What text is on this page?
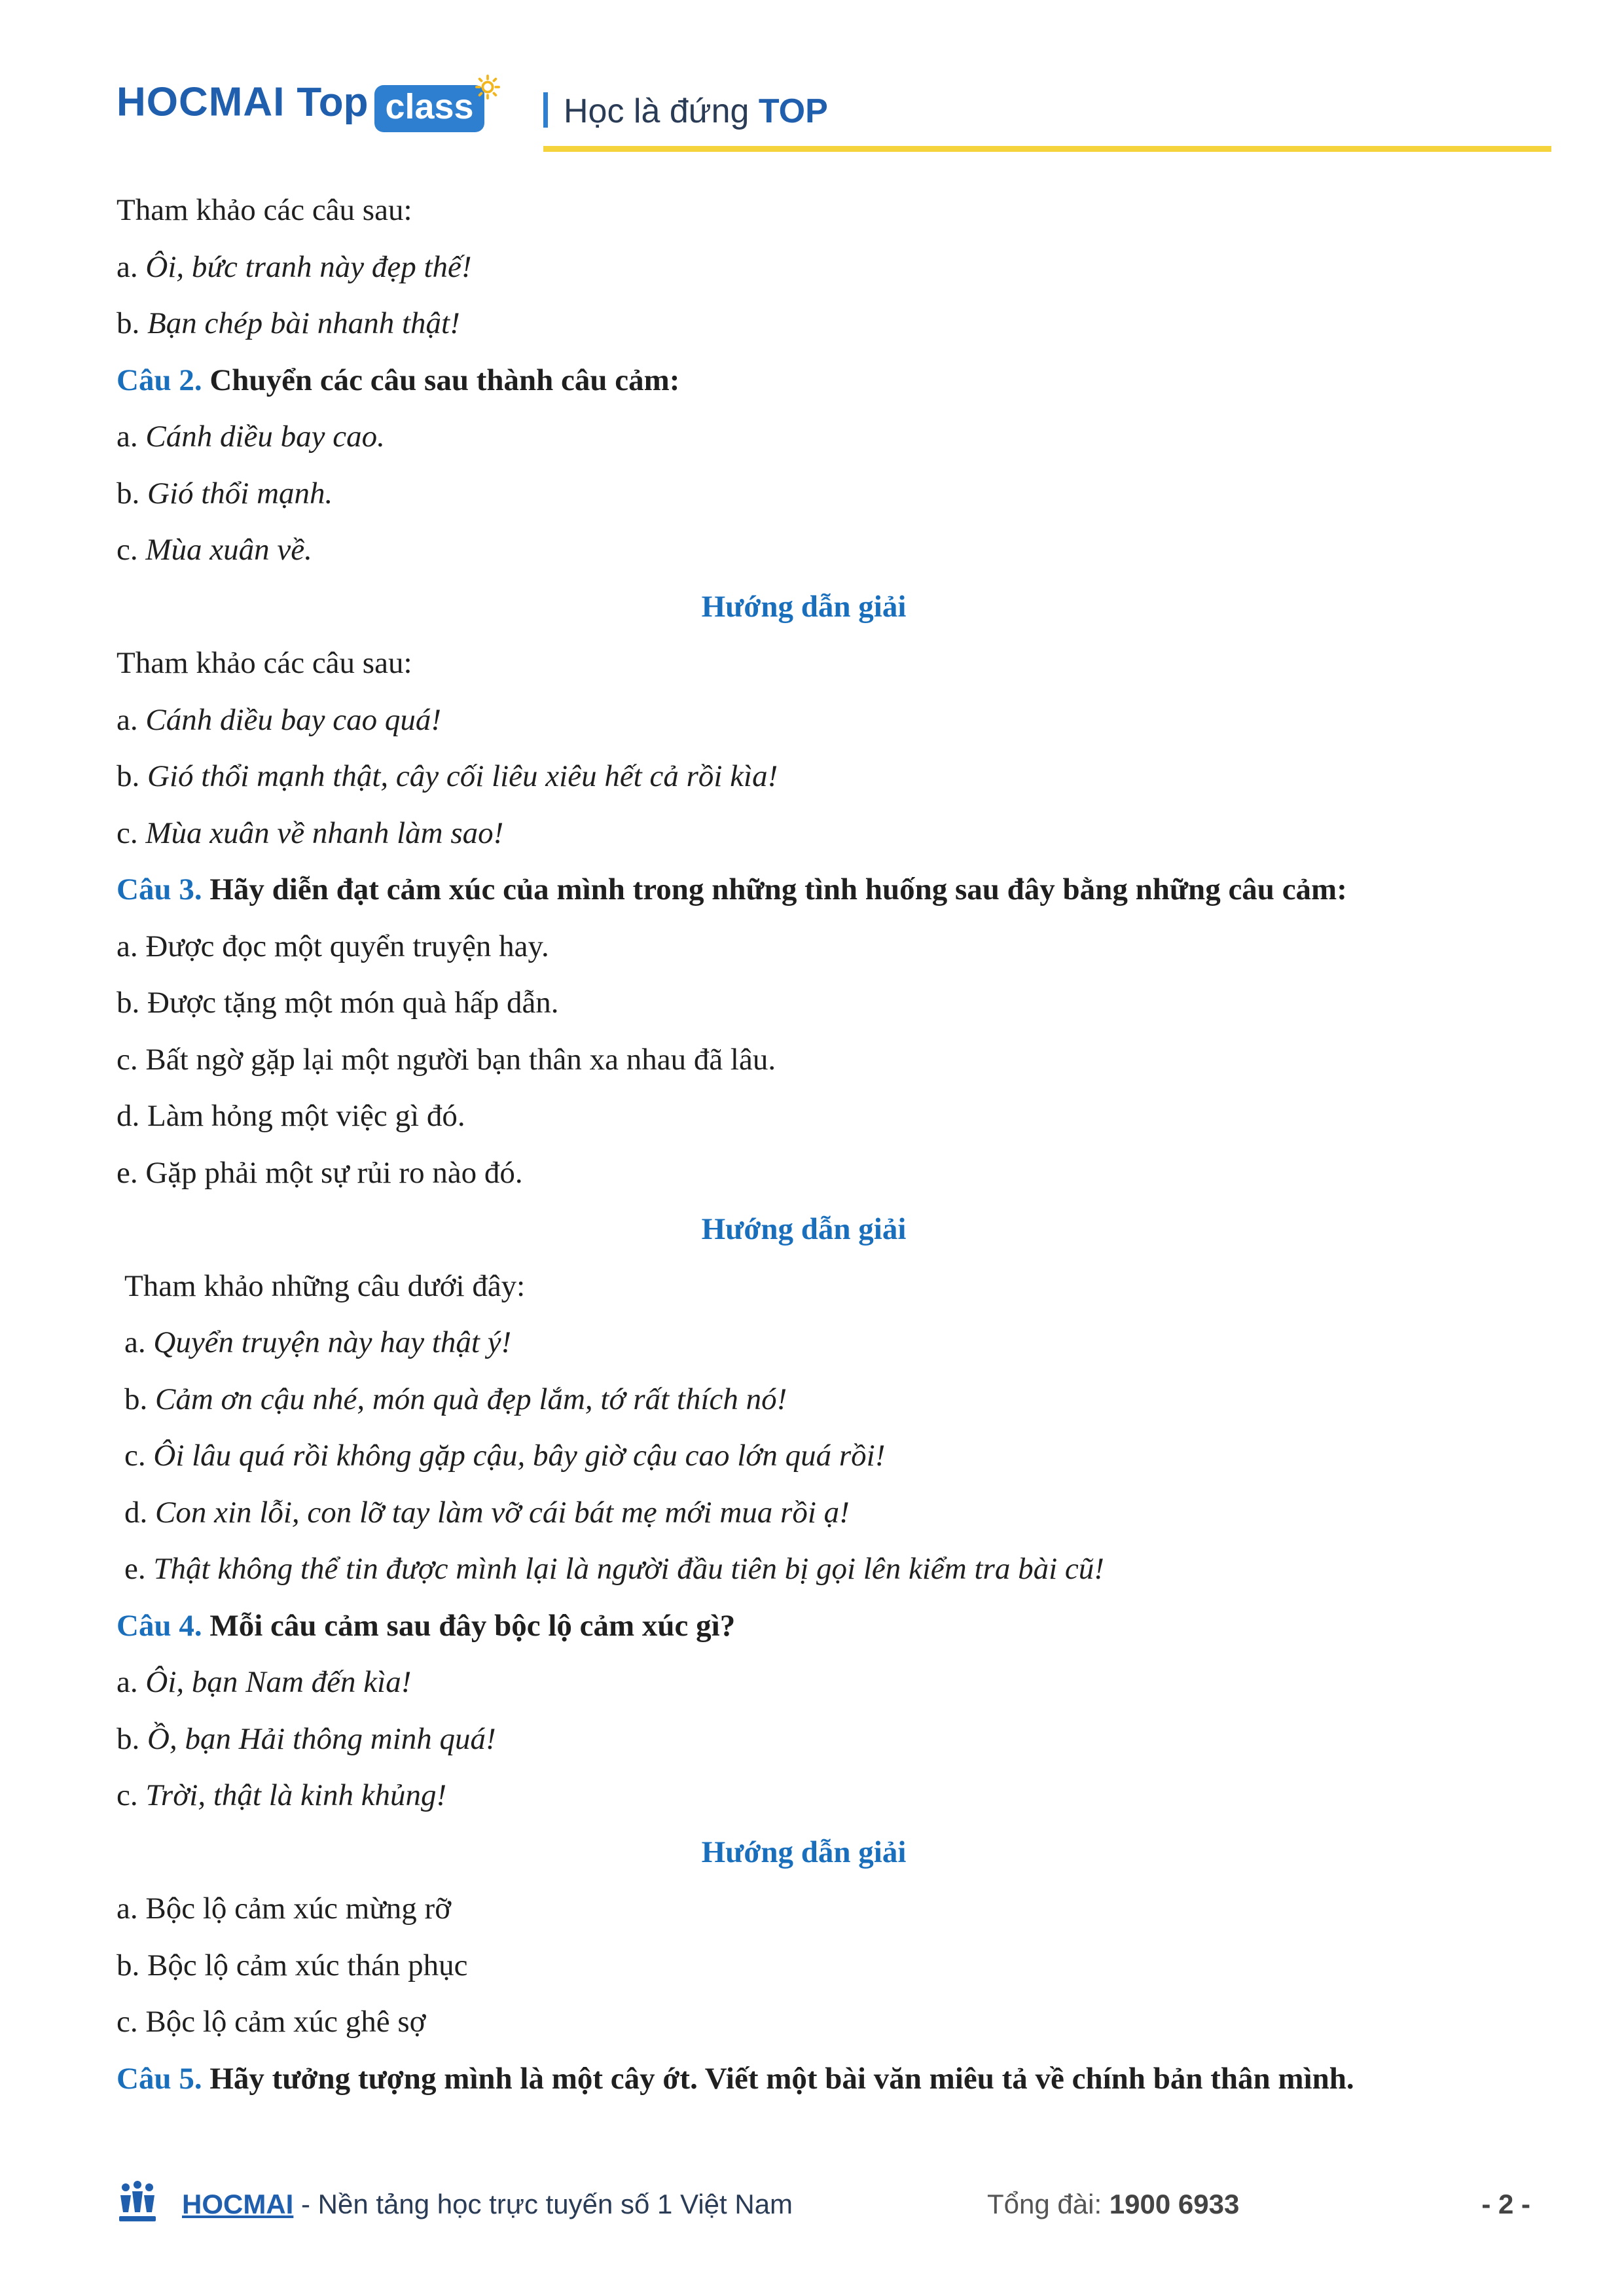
HOCMAI Top class	Học là đứng TOP
Tham khảo các câu sau:
a. Ôi, bức tranh này đẹp thế!
b. Bạn chép bài nhanh thật!
Câu 2. Chuyển các câu sau thành câu cảm:
a. Cánh diều bay cao.
b. Gió thổi mạnh.
c. Mùa xuân về.
Hướng dẫn giải
Tham khảo các câu sau:
a. Cánh diều bay cao quá!
b. Gió thổi mạnh thật, cây cối liêu xiêu hết cả rồi kìa!
c. Mùa xuân về nhanh làm sao!
Câu 3. Hãy diễn đạt cảm xúc của mình trong những tình huống sau đây bằng những câu cảm:
a. Được đọc một quyển truyện hay.
b. Được tặng một món quà hấp dẫn.
c. Bất ngờ gặp lại một người bạn thân xa nhau đã lâu.
d. Làm hỏng một việc gì đó.
e. Gặp phải một sự rủi ro nào đó.
Hướng dẫn giải
Tham khảo những câu dưới đây:
a. Quyển truyện này hay thật ý!
b. Cảm ơn cậu nhé, món quà đẹp lắm, tớ rất thích nó!
c. Ôi lâu quá rồi không gặp cậu, bây giờ cậu cao lớn quá rồi!
d. Con xin lỗi, con lỡ tay làm vỡ cái bát mẹ mới mua rồi ạ!
e. Thật không thể tin được mình lại là người đầu tiên bị gọi lên kiểm tra bài cũ!
Câu 4. Mỗi câu cảm sau đây bộc lộ cảm xúc gì?
a. Ôi, bạn Nam đến kìa!
b. Ồ, bạn Hải thông minh quá!
c. Trời, thật là kinh khủng!
Hướng dẫn giải
a. Bộc lộ cảm xúc mừng rỡ
b. Bộc lộ cảm xúc thán phục
c. Bộc lộ cảm xúc ghê sợ
Câu 5. Hãy tưởng tượng mình là một cây ớt. Viết một bài văn miêu tả về chính bản thân mình.
HOCMAI - Nền tảng học trực tuyến số 1 Việt Nam	Tổng đài: 1900 6933	- 2 -
